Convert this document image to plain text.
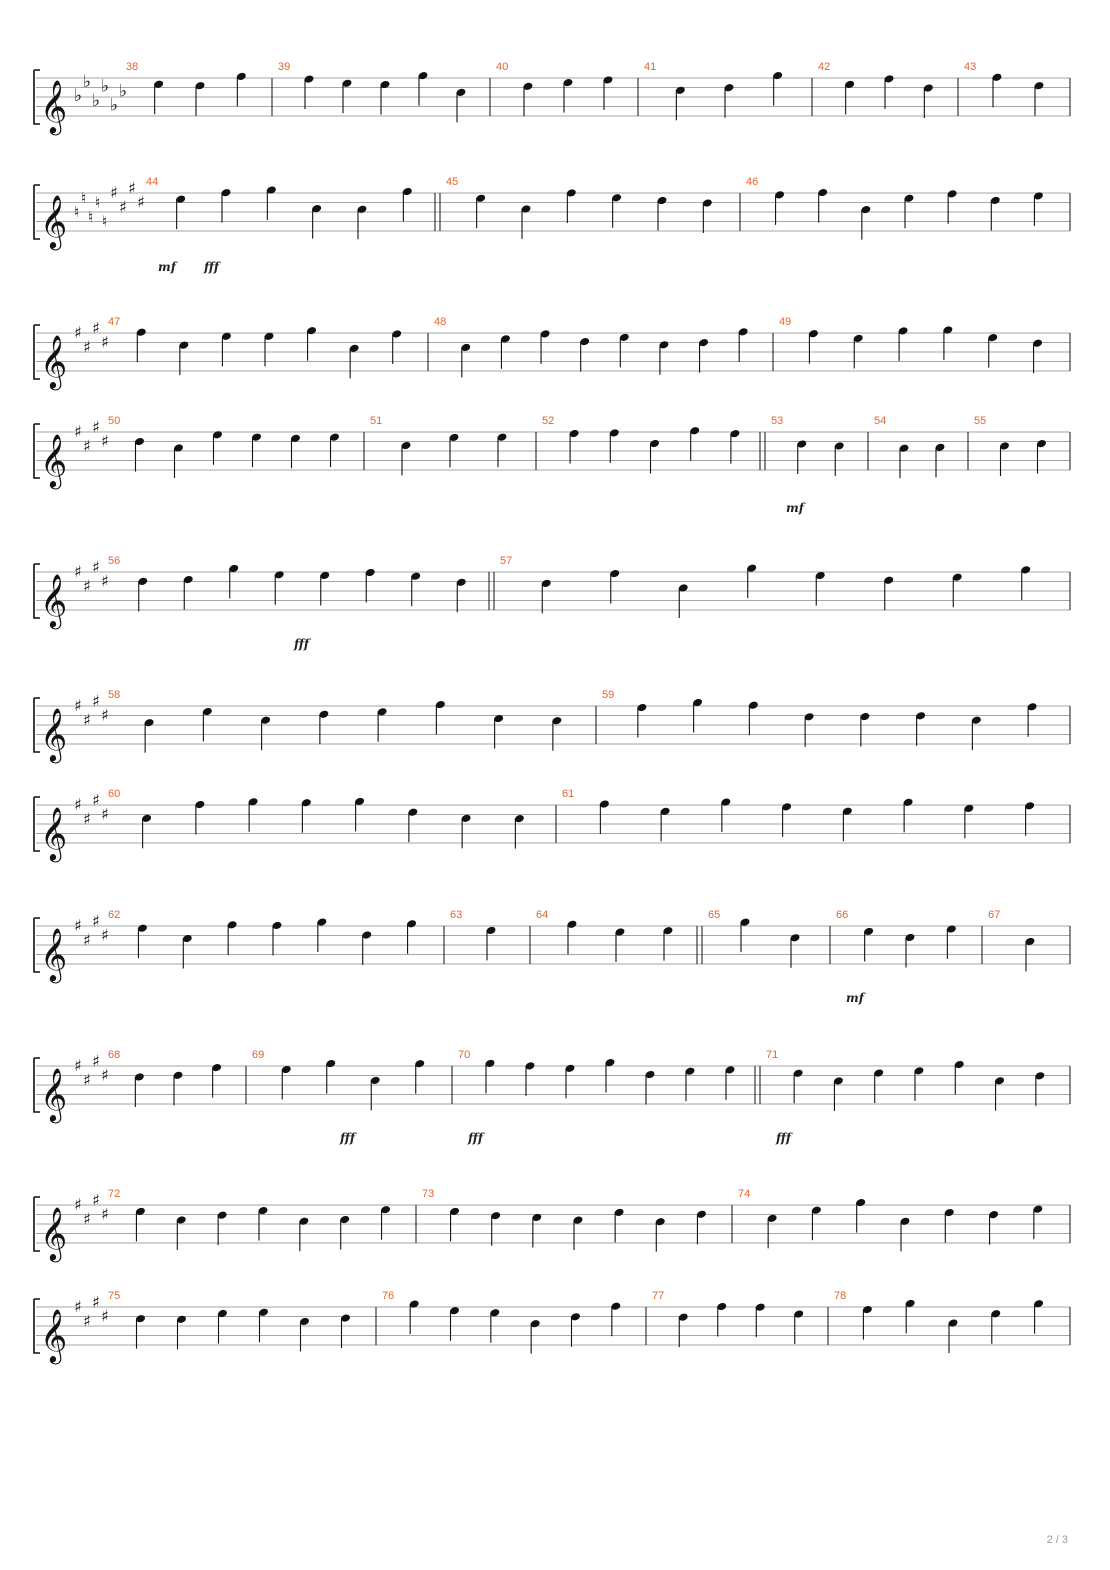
𝄞 ♭
♭
♭
♭
♭
♭
38	39	40	41	42	43
𝄞 ♮
♮
♮
♮
♮
♯
♯
♯
♯
44	45	46
mf fff
𝄞
♯
♯
♯
♯
47	48	49
𝄞
♯
♯
♯
♯
50	51	52	53	54	55
mf
𝄞
♯
♯
♯
♯
56	57
fff
𝄞
♯
♯
♯
♯
58	59
𝄞
♯
♯
♯
♯
60	61
𝄞
♯
♯
♯
♯
62	63	64	65	66	67
mf
𝄞
♯
♯
♯
♯
68	69	70	71
fff	fff	fff
𝄞
♯
♯
♯
♯
72	73	74
𝄞
♯
♯
♯
♯
75	76	77	78
2 / 3
